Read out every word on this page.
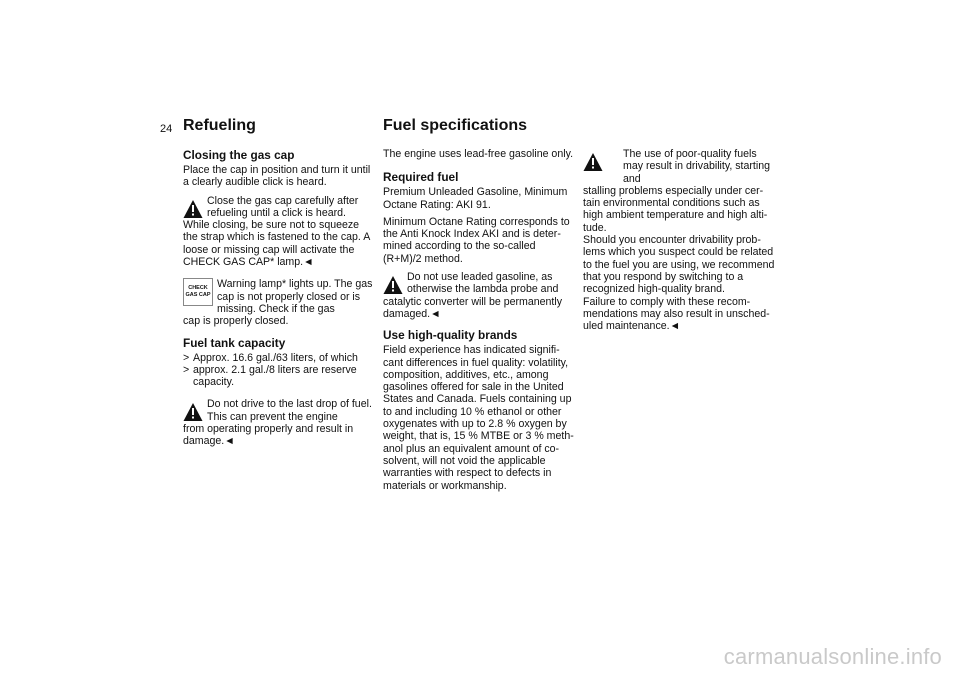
24 Refueling	Fuel specifications
Closing the gas cap

Place the cap in position and turn it until a clearly audible click is heard.

Close the gas cap carefully after refueling until a click is heard.
While closing, be sure not to squeeze the strap which is fastened to the cap. A loose or missing cap will activate the CHECK GAS CAP* lamp.◄
CHECK
GAS CAP
Warning lamp* lights up. The gas cap is not properly closed or is missing. Check if the gas
cap is properly closed.
Fuel tank capacity
> Approx. 16.6 gal./63 liters, of which
> approx. 2.1 gal./8 liters are reserve capacity.
Do not drive to the last drop of fuel. This can prevent the engine
from operating properly and result in damage.◄

The engine uses lead-free gasoline only.

Required fuel

Premium Unleaded Gasoline, Minimum Octane Rating: AKI 91.

Minimum Octane Rating corresponds to the Anti Knock Index AKI and is deter-mined according to the so-called (R+M)/2 method.

Do not use leaded gasoline, as otherwise the lambda probe and
catalytic converter will be permanently damaged.◄
Use high-quality brands

Field experience has indicated signifi-cant differences in fuel quality: volatility, composition, additives, etc., among gasolines offered for sale in the United States and Canada. Fuels containing up to and including 10 % ethanol or other oxygenates with up to 2.8 % oxygen by weight, that is, 15 % MTBE or 3 % meth-anol plus an equivalent amount of co-solvent, will not void the applicable warranties with respect to defects in materials or workmanship.

The use of poor-quality fuels may result in drivability, starting and
stalling problems especially under cer-tain environmental conditions such as high ambient temperature and high alti-tude.
Should you encounter drivability prob-lems which you suspect could be related to the fuel you are using, we recommend that you respond by switching to a recognized high-quality brand.
Failure to comply with these recom-mendations may also result in unsched-uled maintenance.◄
carmanualsonline.info
